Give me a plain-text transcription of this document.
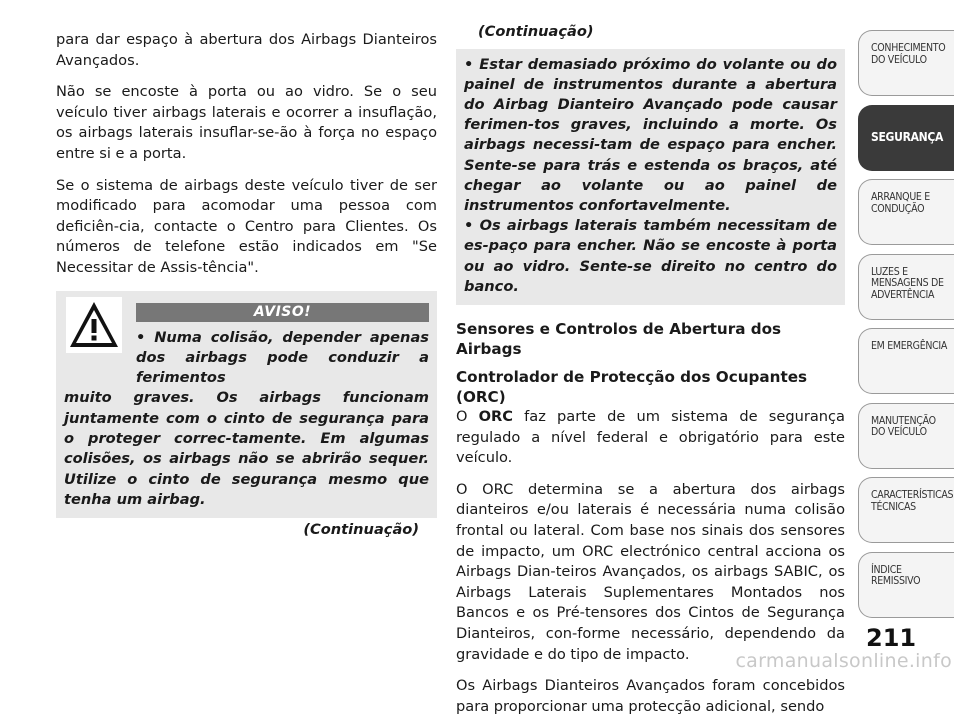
para dar espaço à abertura dos Airbags Dianteiros Avançados.

Não se encoste à porta ou ao vidro. Se o seu veículo tiver airbags laterais e ocorrer a insuflação, os airbags laterais insuflar-se-ão à força no espaço entre si e a porta.

Se o sistema de airbags deste veículo tiver de ser modificado para acomodar uma pessoa com deficiên-cia, contacte o Centro para Clientes. Os números de telefone estão indicados em "Se Necessitar de Assis-tência".

AVISO!
• Numa colisão, depender apenas dos airbags pode conduzir a ferimentos
muito graves. Os airbags funcionam juntamente com o cinto de segurança para o proteger correc-tamente. Em algumas colisões, os airbags não se abrirão sequer. Utilize o cinto de segurança mesmo que tenha um airbag.
(Continuação)
(Continuação)

• Estar demasiado próximo do volante ou do painel de instrumentos durante a abertura do Airbag Dianteiro Avançado pode causar ferimen-tos graves, incluindo a morte. Os airbags necessi-tam de espaço para encher. Sente-se para trás e estenda os braços, até chegar ao volante ou ao painel de instrumentos confortavelmente.

• Os airbags laterais também necessitam de es-paço para encher. Não se encoste à porta ou ao vidro. Sente-se direito no centro do banco.

Sensores e Controlos de Abertura dos Airbags
Controlador de Protecção dos Ocupantes (ORC)

O ORC faz parte de um sistema de segurança regulado a nível federal e obrigatório para este veículo.

O ORC determina se a abertura dos airbags dianteiros e/ou laterais é necessária numa colisão frontal ou lateral. Com base nos sinais dos sensores de impacto, um ORC electrónico central acciona os Airbags Dian-teiros Avançados, os airbags SABIC, os Airbags Laterais Suplementares Montados nos Bancos e os Pré-tensores dos Cintos de Segurança Dianteiros, con-forme necessário, dependendo da gravidade e do tipo de impacto.

Os Airbags Dianteiros Avançados foram concebidos para proporcionar uma protecção adicional, sendo

CONHECIMENTO DO VEÍCULO
SEGURANÇA
ARRANQUE E CONDUÇÃO
LUZES E MENSAGENS DE ADVERTÊNCIA
EM EMERGÊNCIA
MANUTENÇÃO DO VEÍCULO
CARACTERÍSTICAS TÉCNICAS
ÍNDICE REMISSIVO
211
carmanualsonline.info
